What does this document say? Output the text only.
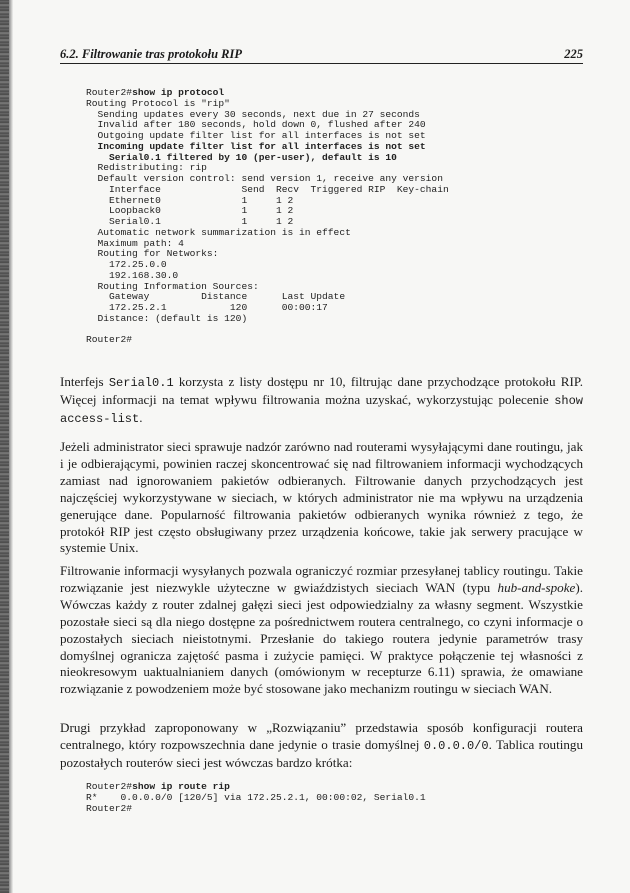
6.2. Filtrowanie tras protokołu RIP	225
Router2#show ip protocol
Routing Protocol is "rip"
Sending updates every 30 seconds, next due in 27 seconds
Invalid after 180 seconds, hold down 0, flushed after 240
Outgoing update filter list for all interfaces is not set
Incoming update filter list for all interfaces is not set
Serial0.1 filtered by 10 (per-user), default is 10
Redistributing: rip
Default version control: send version 1, receive any version
Interface              Send  Recv  Triggered RIP  Key-chain
Ethernet0              1     1 2
Loopback0              1     1 2
Serial0.1              1     1 2
Automatic network summarization is in effect
Maximum path: 4
Routing for Networks:
172.25.0.0
192.168.30.0
Routing Information Sources:
Gateway         Distance      Last Update
172.25.2.1           120      00:00:17
Distance: (default is 120)

Router2#

Interfejs Serial0.1 korzysta z listy dostępu nr 10, filtrując dane przychodzące protokołu RIP. Więcej informacji na temat wpływu filtrowania można uzyskać, wykorzystując polecenie show access-list.

Jeżeli administrator sieci sprawuje nadzór zarówno nad routerami wysyłającymi dane routingu, jak i je odbierającymi, powinien raczej skoncentrować się nad filtrowaniem informacji wychodzących zamiast nad ignorowaniem pakietów odbieranych. Filtrowanie danych przychodzących jest najczęściej wykorzystywane w sieciach, w których administrator nie ma wpływu na urządzenia generujące dane. Popularność filtrowania pakietów odbieranych wynika również z tego, że protokół RIP jest często obsługiwany przez urządzenia końcowe, takie jak serwery pracujące w systemie Unix.

Filtrowanie informacji wysyłanych pozwala ograniczyć rozmiar przesyłanej tablicy routingu. Takie rozwiązanie jest niezwykle użyteczne w gwiaździstych sieciach WAN (typu hub-and-spoke). Wówczas każdy z router zdalnej gałęzi sieci jest odpowiedzialny za własny segment. Wszystkie pozostałe sieci są dla niego dostępne za pośrednictwem routera centralnego, co czyni informacje o pozostałych sieciach nieistotnymi. Przesłanie do takiego routera jedynie parametrów trasy domyślnej ogranicza zajętość pasma i zużycie pamięci. W praktyce połączenie tej własności z nieokresowym uaktualnianiem danych (omówionym w recepturze 6.11) sprawia, że omawiane rozwiązanie z powodzeniem może być stosowane jako mechanizm routingu w sieciach WAN.

Drugi przykład zaproponowany w „Rozwiązaniu” przedstawia sposób konfiguracji routera centralnego, który rozpowszechnia dane jedynie o trasie domyślnej 0.0.0.0/0. Tablica routingu pozostałych routerów sieci jest wówczas bardzo krótka:

Router2#show ip route rip
R*    0.0.0.0/0 [120/5] via 172.25.2.1, 00:00:02, Serial0.1
Router2#
